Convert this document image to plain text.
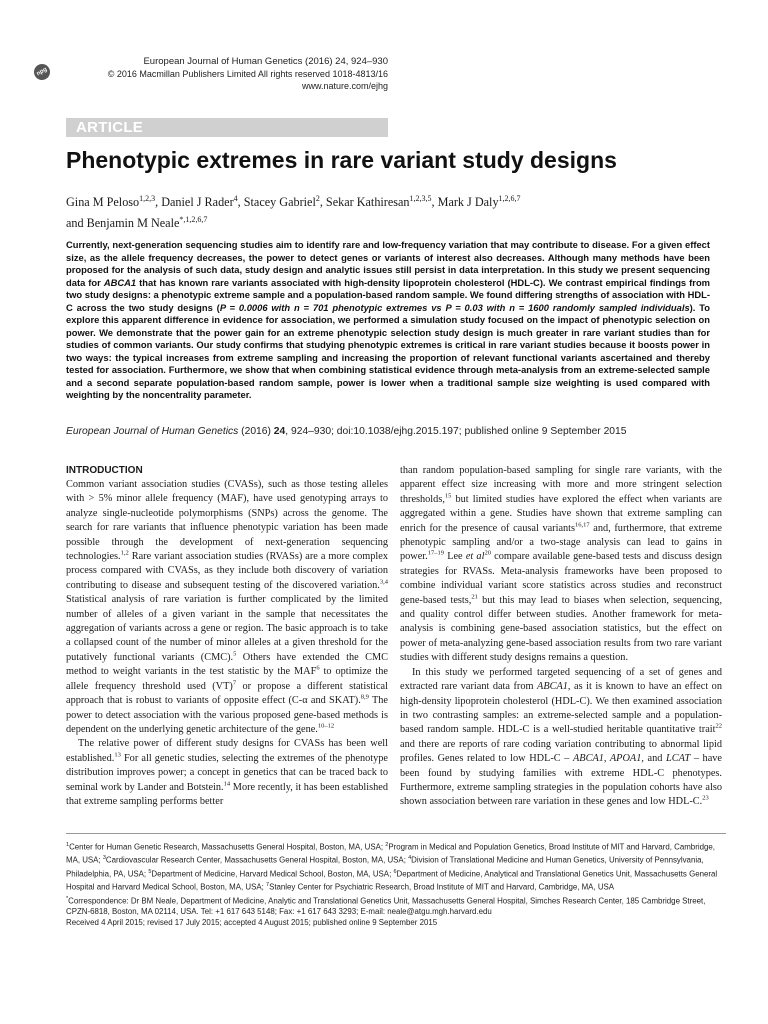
npg
European Journal of Human Genetics (2016) 24, 924–930
© 2016 Macmillan Publishers Limited All rights reserved 1018-4813/16
www.nature.com/ejhg
ARTICLE
Phenotypic extremes in rare variant study designs
Gina M Peloso$^{1,2,3}$, Daniel J Rader$^4$, Stacey Gabriel$^2$, Sekar Kathiresan$^{1,2,3,5}$, Mark J Daly$^{1,2,6,7}$
and Benjamin M Neale$^{*,1,2,6,7}$
Currently, next-generation sequencing studies aim to identify rare and low-frequency variation that may contribute to disease. For a given effect size, as the allele frequency decreases, the power to detect genes or variants of interest also decreases. Although many methods have been proposed for the analysis of such data, study design and analytic issues still persist in data interpretation. In this study we present sequencing data for ABCA1 that has known rare variants associated with high-density lipoprotein cholesterol (HDL-C). We contrast empirical findings from two study designs: a phenotypic extreme sample and a population-based random sample. We found differing strengths of association with HDL-C across the two study designs (P = 0.0006 with n = 701 phenotypic extremes vs P = 0.03 with n = 1600 randomly sampled individuals). To explore this apparent difference in evidence for association, we performed a simulation study focused on the impact of phenotypic selection on power. We demonstrate that the power gain for an extreme phenotypic selection study design is much greater in rare variant studies than for studies of common variants. Our study confirms that studying phenotypic extremes is critical in rare variant studies because it boosts power in two ways: the typical increases from extreme sampling and increasing the proportion of relevant functional variants ascertained and thereby tested for association. Furthermore, we show that when combining statistical evidence through meta-analysis from an extreme-selected sample and a second separate population-based random sample, power is lower when a traditional sample size weighting is used compared with weighting by the noncentrality parameter.
European Journal of Human Genetics (2016) 24, 924–930; doi:10.1038/ejhg.2015.197; published online 9 September 2015

INTRODUCTION

Common variant association studies (CVASs), such as those testing alleles with > 5% minor allele frequency (MAF), have used genotyping arrays to analyze single-nucleotide polymorphisms (SNPs) across the genome. The search for rare variants that influence phenotypic variation has been made possible through the development of next-generation sequencing technologies.$^{1,2}$ Rare variant association studies (RVASs) are a more complex process compared with CVASs, as they include both discovery of variation contributing to disease and subsequent testing of the discovered variation.$^{3,4}$ Statistical analysis of rare variation is further complicated by the limited number of alleles of a given variant in the sample that necessitates the aggregation of variants across a gene or region. The basic approach is to take a collapsed count of the number of minor alleles at a given threshold for the putatively functional variants (CMC).$^5$ Others have extended the CMC method to weight variants in the test statistic by the MAF$^6$ to optimize the allele frequency threshold used (VT)$^7$ or propose a different statistical approach that is robust to variants of opposite effect (C-α and SKAT).$^{8,9}$ The power to detect association with the various proposed gene-based methods is dependent on the underlying genetic architecture of the gene.$^{10-12}$

The relative power of different study designs for CVASs has been well established.$^{13}$ For all genetic studies, selecting the extremes of the phenotype distribution improves power; a concept in genetics that can be traced back to seminal work by Lander and Botstein.$^{14}$ More recently, it has been established that extreme sampling performs better

than random population-based sampling for single rare variants, with the apparent effect size increasing with more and more stringent selection thresholds,$^{15}$ but limited studies have explored the effect when variants are aggregated within a gene. Studies have shown that extreme sampling can enrich for the presence of causal variants$^{16,17}$ and, furthermore, that extreme phenotypic sampling and/or a two-stage analysis can lead to gains in power.$^{17-19}$ Lee et $al^{20}$ compare available gene-based tests and discuss design strategies for RVASs. Meta-analysis frameworks have been proposed to combine individual variant score statistics across studies and reconstruct gene-based tests,$^{21}$ but this may lead to biases when selection, sequencing, and quality control differ between studies. Another framework for meta-analysis is combining gene-based association statistics, but the effect on power of meta-analyzing gene-based association results from two rare variant studies with different study designs remains a question.

In this study we performed targeted sequencing of a set of genes and extracted rare variant data from ABCA1, as it is known to have an effect on high-density lipoprotein cholesterol (HDL-C). We then examined association in two contrasting samples: an extreme-selected sample and a population-based random sample. HDL-C is a well-studied heritable quantitative trait$^{22}$ and there are reports of rare coding variation contributing to abnormal lipid profiles. Genes related to low HDL-C – ABCA1, APOA1, and LCAT – have been found by studying families with extreme HDL-C phenotypes. Furthermore, extreme sampling strategies in the population cohorts have also shown association between rare variation in these genes and low HDL-C.$^{23}$

$^1$Center for Human Genetic Research, Massachusetts General Hospital, Boston, MA, USA; $^2$Program in Medical and Population Genetics, Broad Institute of MIT and Harvard, Cambridge, MA, USA; $^3$Cardiovascular Research Center, Massachusetts General Hospital, Boston, MA, USA; $^4$Division of Translational Medicine and Human Genetics, University of Pennsylvania, Philadelphia, PA, USA; $^5$Department of Medicine, Harvard Medical School, Boston, MA, USA; $^6$Department of Medicine, Analytical and Translational Genetics Unit, Massachusetts General Hospital and Harvard Medical School, Boston, MA, USA; $^7$Stanley Center for Psychiatric Research, Broad Institute of MIT and Harvard, Cambridge, MA, USA

*Correspondence: Dr BM Neale, Department of Medicine, Analytic and Translational Genetics Unit, Massachusetts General Hospital, Simches Research Center, 185 Cambridge Street, CPZN-6818, Boston, MA 02114, USA. Tel: +1 617 643 5148; Fax: +1 617 643 3293; E-mail: neale@atgu.mgh.harvard.edu

Received 4 April 2015; revised 17 July 2015; accepted 4 August 2015; published online 9 September 2015
